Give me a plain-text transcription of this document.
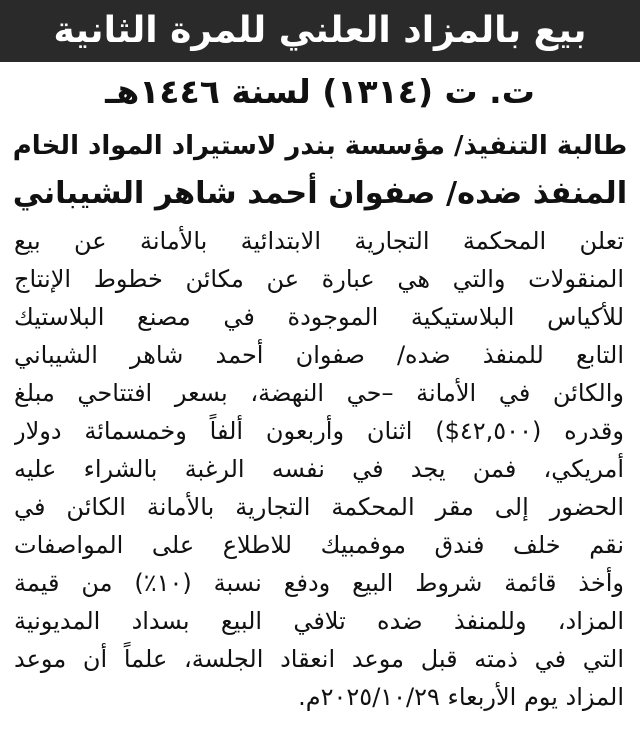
بيع بالمزاد العلني للمرة الثانية
ت. ت (١٣١٤) لسنة ١٤٤٦هـ
طالبة التنفيذ/ مؤسسة بندر لاستيراد المواد الخام
المنفذ ضده/ صفوان أحمد شاهر الشيباني
تعلن المحكمة التجارية الابتدائية بالأمانة عن بيع
المنقولات والتي هي عبارة عن مكائن خطوط الإنتاج
للأكياس البلاستيكية الموجودة في مصنع البلاستيك
التابع للمنفذ ضده/ صفوان أحمد شاهر الشيباني
والكائن في الأمانة –حي النهضة، بسعر افتتاحي مبلغ
وقدره (٤٢,٥٠٠$) اثنان وأربعون ألفاً وخمسمائة دولار
أمريكي، فمن يجد في نفسه الرغبة بالشراء عليه
الحضور إلى مقر المحكمة التجارية بالأمانة الكائن في
نقم خلف فندق موفمبيك للاطلاع على المواصفات
وأخذ قائمة شروط البيع ودفع نسبة (١٠٪) من قيمة
المزاد، وللمنفذ ضده تلافي البيع بسداد المديونية
التي في ذمته قبل موعد انعقاد الجلسة، علماً أن موعد
المزاد يوم الأربعاء ٢٠٢٥/١٠/٢٩م.
